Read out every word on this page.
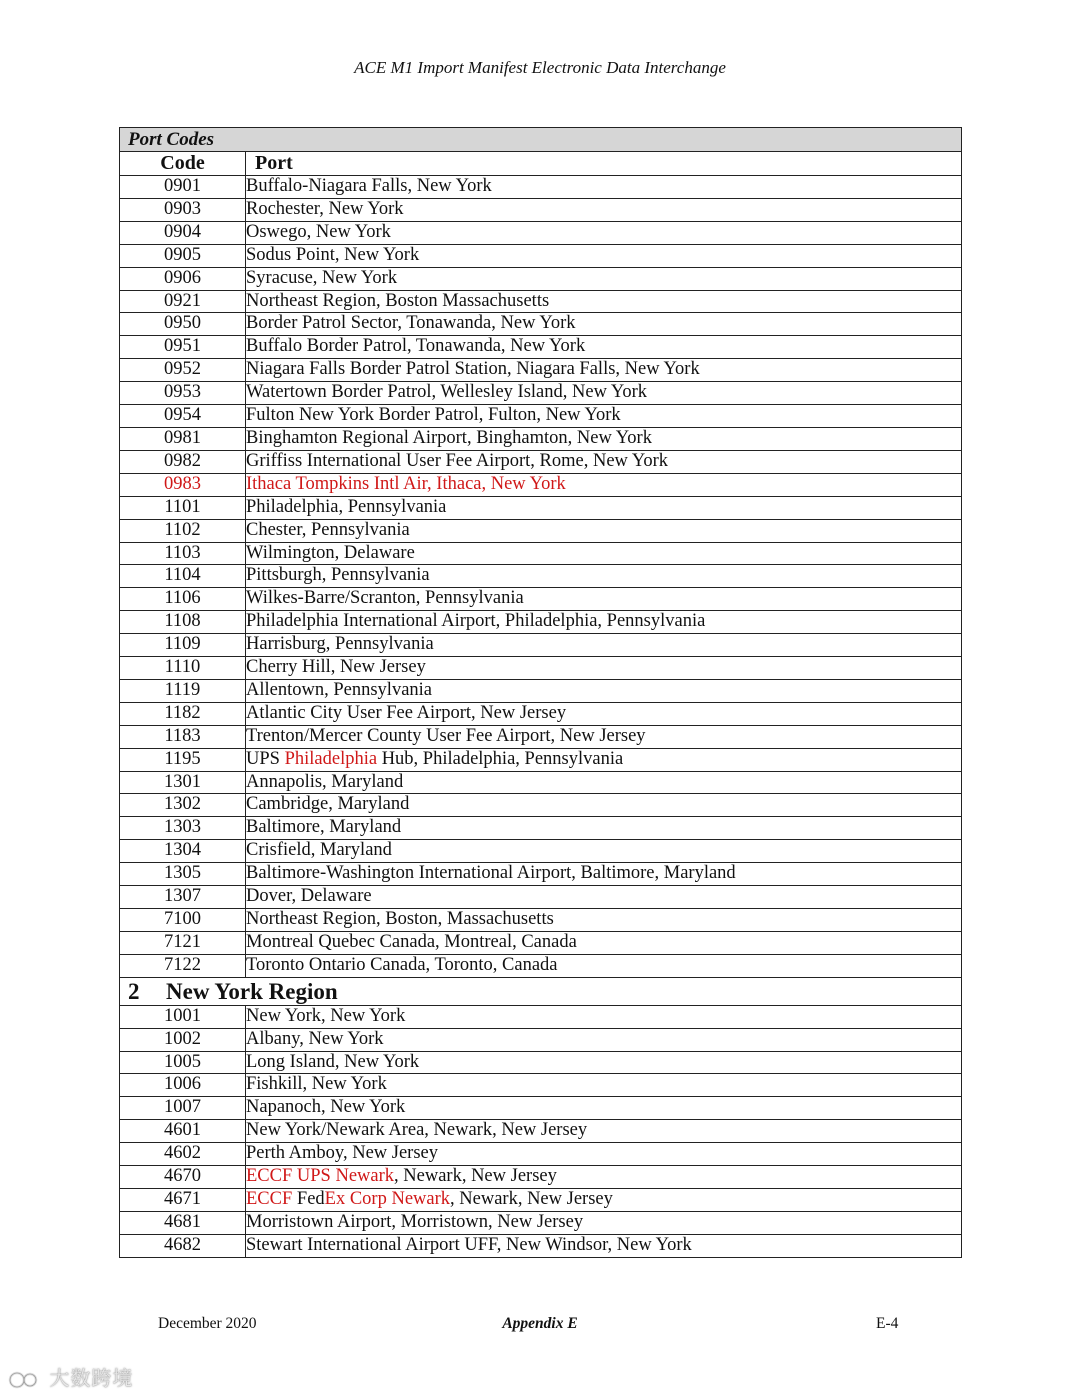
ACE M1 Import Manifest Electronic Data Interchange
Port Codes	
Code	Port
0901	Buffalo-Niagara Falls, New York
0903	Rochester, New York
0904	Oswego, New York
0905	Sodus Point, New York
0906	Syracuse, New York
0921	Northeast Region, Boston Massachusetts
0950	Border Patrol Sector, Tonawanda, New York
0951	Buffalo Border Patrol, Tonawanda, New York
0952	Niagara Falls Border Patrol Station, Niagara Falls, New York
0953	Watertown Border Patrol, Wellesley Island, New York
0954	Fulton New York Border Patrol, Fulton, New York
0981	Binghamton Regional Airport, Binghamton, New York
0982	Griffiss International User Fee Airport, Rome, New York
0983	Ithaca Tompkins Intl Air, Ithaca, New York
1101	Philadelphia, Pennsylvania
1102	Chester, Pennsylvania
1103	Wilmington, Delaware
1104	Pittsburgh, Pennsylvania
1106	Wilkes-Barre/Scranton, Pennsylvania
1108	Philadelphia International Airport, Philadelphia, Pennsylvania
1109	Harrisburg, Pennsylvania
1110	Cherry Hill, New Jersey
1119	Allentown, Pennsylvania
1182	Atlantic City User Fee Airport, New Jersey
1183	Trenton/Mercer County User Fee Airport, New Jersey
1195	UPS Philadelphia Hub, Philadelphia, Pennsylvania
1301	Annapolis, Maryland
1302	Cambridge, Maryland
1303	Baltimore, Maryland
1304	Crisfield, Maryland
1305	Baltimore-Washington International Airport, Baltimore, Maryland
1307	Dover, Delaware
7100	Northeast Region, Boston, Massachusetts
7121	Montreal Quebec Canada, Montreal, Canada
7122	Toronto Ontario Canada, Toronto, Canada
2 New York Region	
1001	New York, New York
1002	Albany, New York
1005	Long Island, New York
1006	Fishkill, New York
1007	Napanoch, New York
4601	New York/Newark Area, Newark, New Jersey
4602	Perth Amboy, New Jersey
4670	ECCF UPS Newark, Newark, New Jersey
4671	ECCF FedEx Corp Newark, Newark, New Jersey
4681	Morristown Airport, Morristown, New Jersey
4682	Stewart International Airport UFF, New Windsor, New York
December 2020	Appendix E	E-4
大数跨境
